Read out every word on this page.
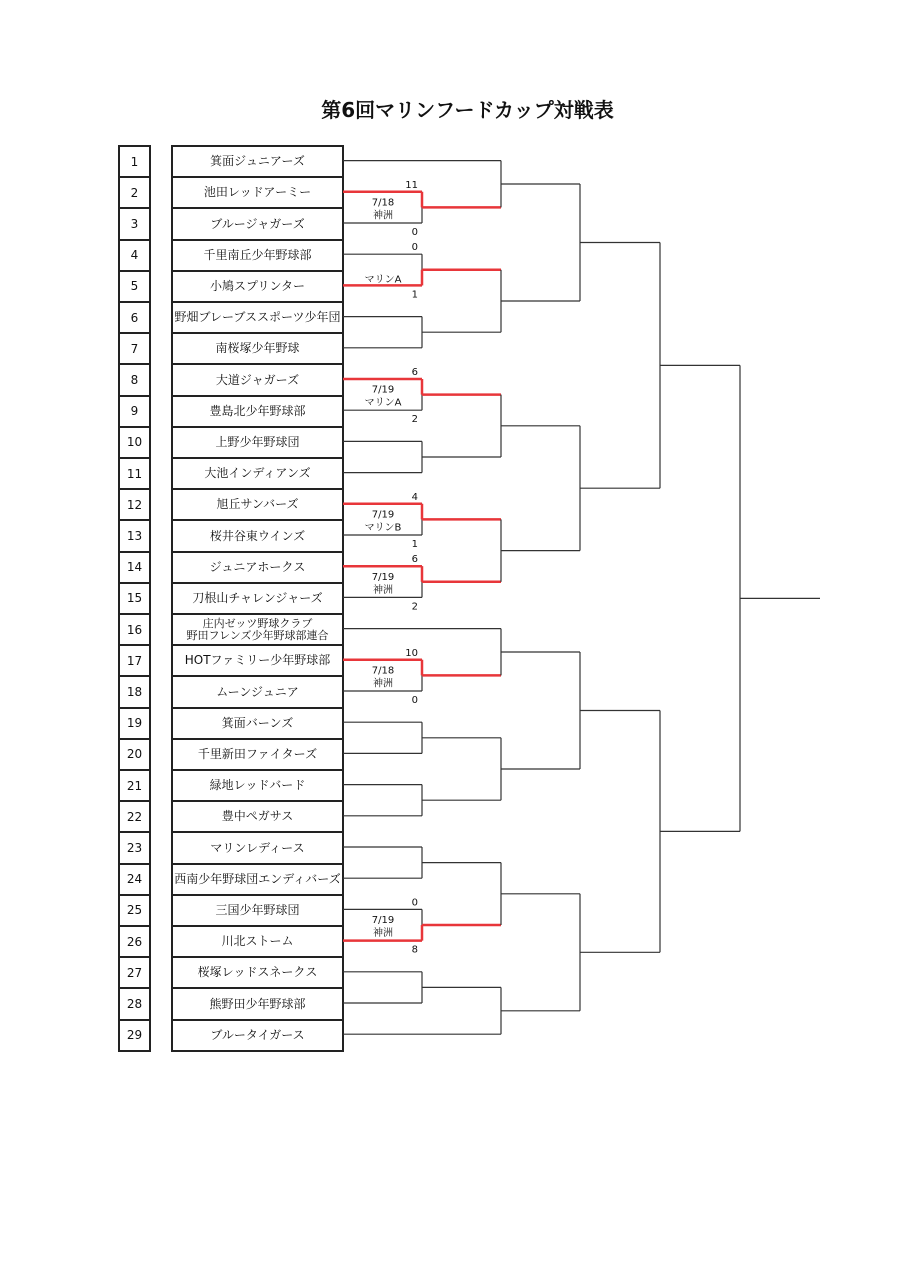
第6回マリンフードカップ対戦表
1	箕面ジュニアーズ
2	池田レッドアーミー
3	ブルージャガーズ
4	千里南丘少年野球部
5	小鳩スプリンター
6	野畑ブレーブススポーツ少年団
7	南桜塚少年野球
8	大道ジャガーズ
9	豊島北少年野球部
10	上野少年野球団
11	大池インディアンズ
12	旭丘サンバーズ
13	桜井谷東ウインズ
14	ジュニアホークス
15	刀根山チャレンジャーズ
16	庄内ゼッツ野球クラブ
野田フレンズ少年野球部連合
17	HOTファミリー少年野球部
18	ムーンジュニア
19	箕面バーンズ
20	千里新田ファイターズ
21	緑地レッドバード
22	豊中ペガサス
23	マリンレディース
24	西南少年野球団エンディバーズ
25	三国少年野球団
26	川北ストーム
27	桜塚レッドスネークス
28	熊野田少年野球部
29	ブルータイガース
11
0
7/18
神洲
0
1
マリンA
6
2
7/19
マリンA
4
1
7/19
マリンB
6
2
7/19
神洲
10
0
7/18
神洲
0
8
7/19
神洲
